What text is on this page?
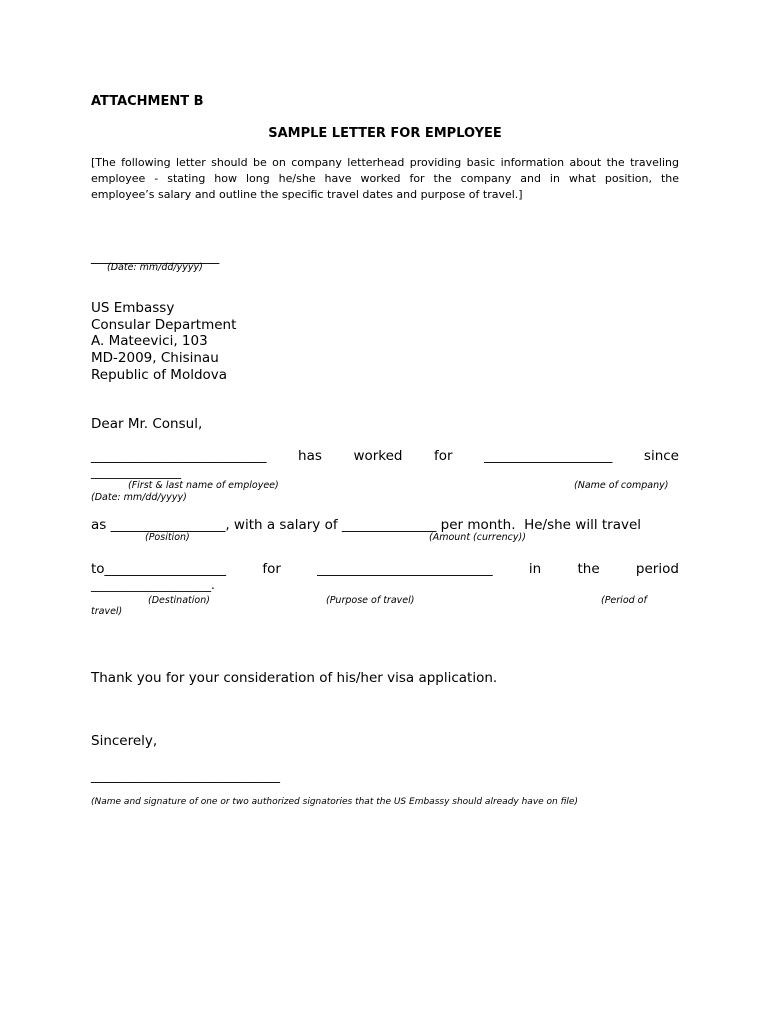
ATTACHMENT B
SAMPLE LETTER FOR EMPLOYEE
[The following letter should be on company letterhead providing basic information about the traveling
employee - stating how long he/she have worked for the company and in what position, the
employee’s salary and outline the specific travel dates and purpose of travel.]
___________________
(Date: mm/dd/yyyy)
US Embassy
Consular Department
A. Mateevici, 103
MD-2009, Chisinau
Republic of Moldova
Dear Mr. Consul,
__________________________ has worked for ___________________ since
_______________
(First & last name of employee)	(Name of company)
(Date: mm/dd/yyyy)
as _________________, with a salary of ______________ per month.  He/she will travel
(Position)	(Amount (currency))
to__________________	for	__________________________	in	the	period
____________________.
(Destination)	(Purpose of travel)	(Period of
travel)
Thank you for your consideration of his/her visa application.
Sincerely,
____________________________
(Name and signature of one or two authorized signatories that the US Embassy should already have on file)
